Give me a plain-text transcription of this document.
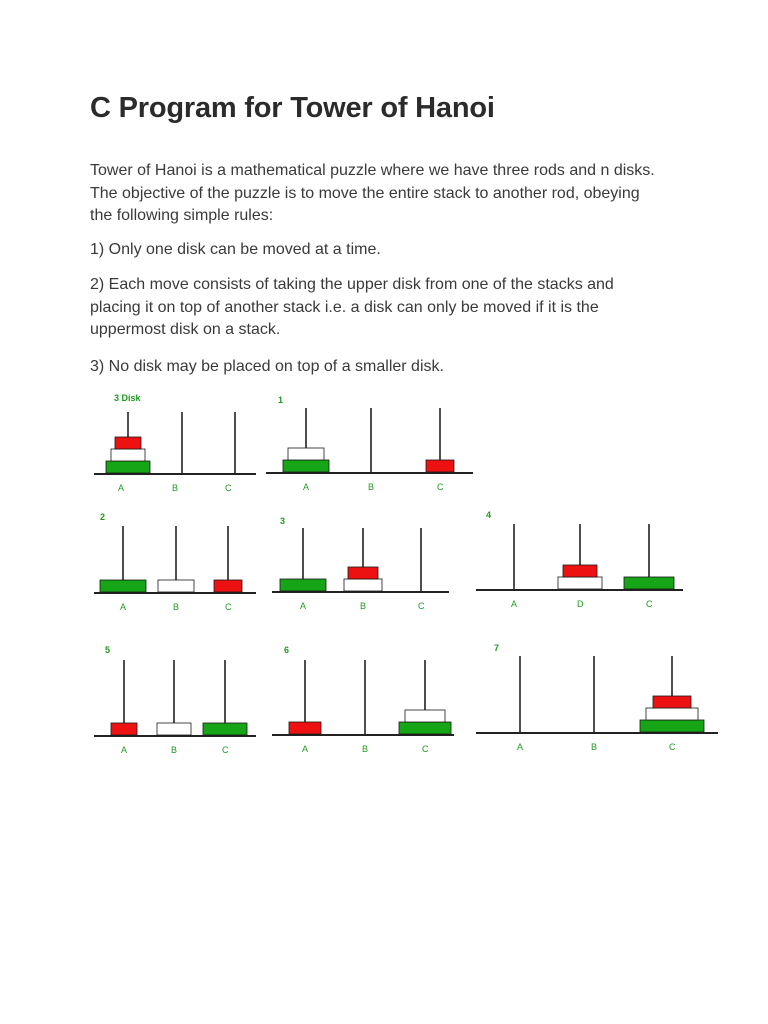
C Program for Tower of Hanoi

Tower of Hanoi is a mathematical puzzle where we have three rods and n disks.
The objective of the puzzle is to move the entire stack to another rod, obeying
the following simple rules:

1) Only one disk can be moved at a time.

2) Each move consists of taking the upper disk from one of the stacks and
placing it on top of another stack i.e. a disk can only be moved if it is the
uppermost disk on a stack.

3) No disk may be placed on top of a smaller disk.

3 Disk
A	B	C
1
A	B	C
2
A	B	C
3
A	B	C
4
A	D	C
5
A	B	C
6
A	B	C
7
A	B	C
